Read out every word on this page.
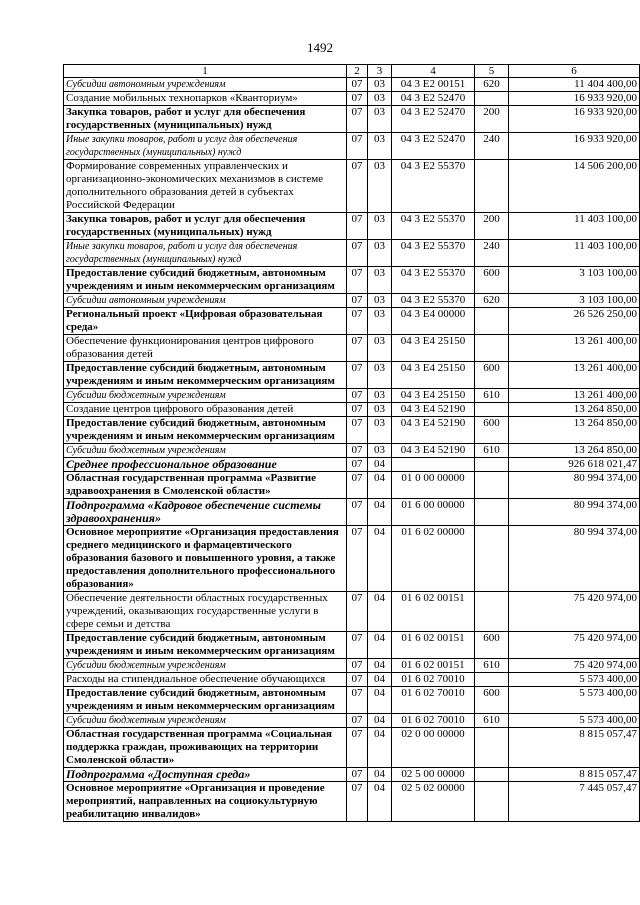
1492
1	2	3	4	5	6
Субсидии автономным учреждениям	07	03	04 3 E2 00151	620	11 404 400,00
Создание мобильных технопарков «Кванториум»	07	03	04 3 E2 52470		16 933 920,00
Закупка товаров, работ и услуг для обеспечения государственных (муниципальных) нужд	07	03	04 3 E2 52470	200	16 933 920,00
Иные закупки товаров, работ и услуг для обеспечения государственных (муниципальных) нужд	07	03	04 3 E2 52470	240	16 933 920,00
Формирование современных управленческих и организационно-экономических механизмов в системе дополнительного образования детей в субъектах Российской Федерации	07	03	04 3 E2 55370		14 506 200,00
Закупка товаров, работ и услуг для обеспечения государственных (муниципальных) нужд	07	03	04 3 E2 55370	200	11 403 100,00
Иные закупки товаров, работ и услуг для обеспечения государственных (муниципальных) нужд	07	03	04 3 E2 55370	240	11 403 100,00
Предоставление субсидий бюджетным, автономным учреждениям и иным некоммерческим организациям	07	03	04 3 E2 55370	600	3 103 100,00
Субсидии автономным учреждениям	07	03	04 3 E2 55370	620	3 103 100,00
Региональный проект «Цифровая образовательная среда»	07	03	04 3 E4 00000		26 526 250,00
Обеспечение функционирования центров цифрового образования детей	07	03	04 3 E4 25150		13 261 400,00
Предоставление субсидий бюджетным, автономным учреждениям и иным некоммерческим организациям	07	03	04 3 E4 25150	600	13 261 400,00
Субсидии бюджетным учреждениям	07	03	04 3 E4 25150	610	13 261 400,00
Создание центров цифрового образования детей	07	03	04 3 E4 52190		13 264 850,00
Предоставление субсидий бюджетным, автономным учреждениям и иным некоммерческим организациям	07	03	04 3 E4 52190	600	13 264 850,00
Субсидии бюджетным учреждениям	07	03	04 3 E4 52190	610	13 264 850,00
Среднее профессиональное образование	07	04			926 618 021,47
Областная государственная программа «Развитие здравоохранения в Смоленской области»	07	04	01 0 00 00000		80 994 374,00
Подпрограмма «Кадровое обеспечение системы здравоохранения»	07	04	01 6 00 00000		80 994 374,00
Основное мероприятие «Организация предоставления среднего медицинского и фармацевтического образования базового и повышенного уровня, а также предоставления дополнительного профессионального образования»	07	04	01 6 02 00000		80 994 374,00
Обеспечение деятельности областных государственных учреждений, оказывающих государственные услуги в сфере семьи и детства	07	04	01 6 02 00151		75 420 974,00
Предоставление субсидий бюджетным, автономным учреждениям и иным некоммерческим организациям	07	04	01 6 02 00151	600	75 420 974,00
Субсидии бюджетным учреждениям	07	04	01 6 02 00151	610	75 420 974,00
Расходы на стипендиальное обеспечение обучающихся	07	04	01 6 02 70010		5 573 400,00
Предоставление субсидий бюджетным, автономным учреждениям и иным некоммерческим организациям	07	04	01 6 02 70010	600	5 573 400,00
Субсидии бюджетным учреждениям	07	04	01 6 02 70010	610	5 573 400,00
Областная государственная программа «Социальная поддержка граждан, проживающих на территории Смоленской области»	07	04	02 0 00 00000		8 815 057,47
Подпрограмма «Доступная среда»	07	04	02 5 00 00000		8 815 057,47
Основное мероприятие «Организация и проведение мероприятий, направленных на социокультурную реабилитацию инвалидов»	07	04	02 5 02 00000		7 445 057,47
